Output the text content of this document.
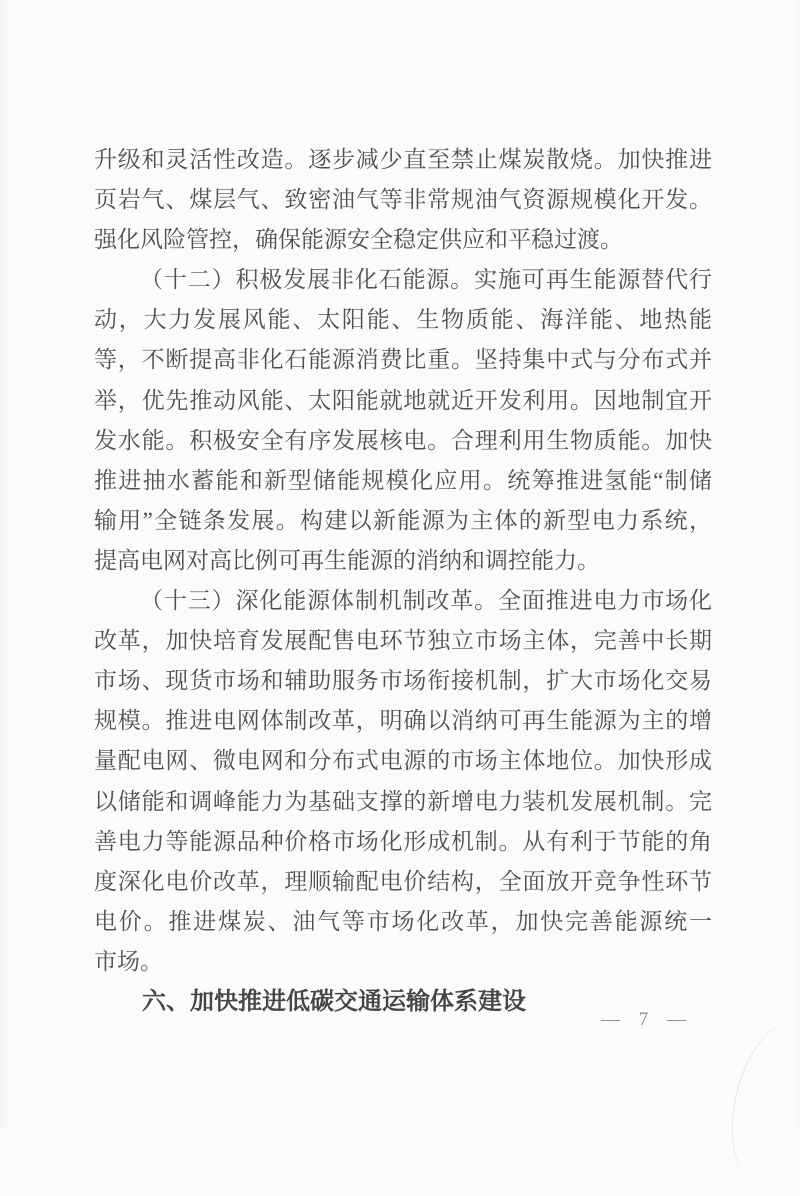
升级和灵活性改造。逐步减少直至禁止煤炭散烧。加快推进
页岩气、煤层气、致密油气等非常规油气资源规模化开发。
强化风险管控，确保能源安全稳定供应和平稳过渡。
（十二）积极发展非化石能源。实施可再生能源替代行
动，大力发展风能、太阳能、生物质能、海洋能、地热能
等，不断提高非化石能源消费比重。坚持集中式与分布式并
举，优先推动风能、太阳能就地就近开发利用。因地制宜开
发水能。积极安全有序发展核电。合理利用生物质能。加快
推进抽水蓄能和新型储能规模化应用。统筹推进氢能“制储
输用”全链条发展。构建以新能源为主体的新型电力系统，
提高电网对高比例可再生能源的消纳和调控能力。
（十三）深化能源体制机制改革。全面推进电力市场化
改革，加快培育发展配售电环节独立市场主体，完善中长期
市场、现货市场和辅助服务市场衔接机制，扩大市场化交易
规模。推进电网体制改革，明确以消纳可再生能源为主的增
量配电网、微电网和分布式电源的市场主体地位。加快形成
以储能和调峰能力为基础支撑的新增电力装机发展机制。完
善电力等能源品种价格市场化形成机制。从有利于节能的角
度深化电价改革，理顺输配电价结构，全面放开竞争性环节
电价。推进煤炭、油气等市场化改革，加快完善能源统一
市场。
六、加快推进低碳交通运输体系建设
— 7 —
